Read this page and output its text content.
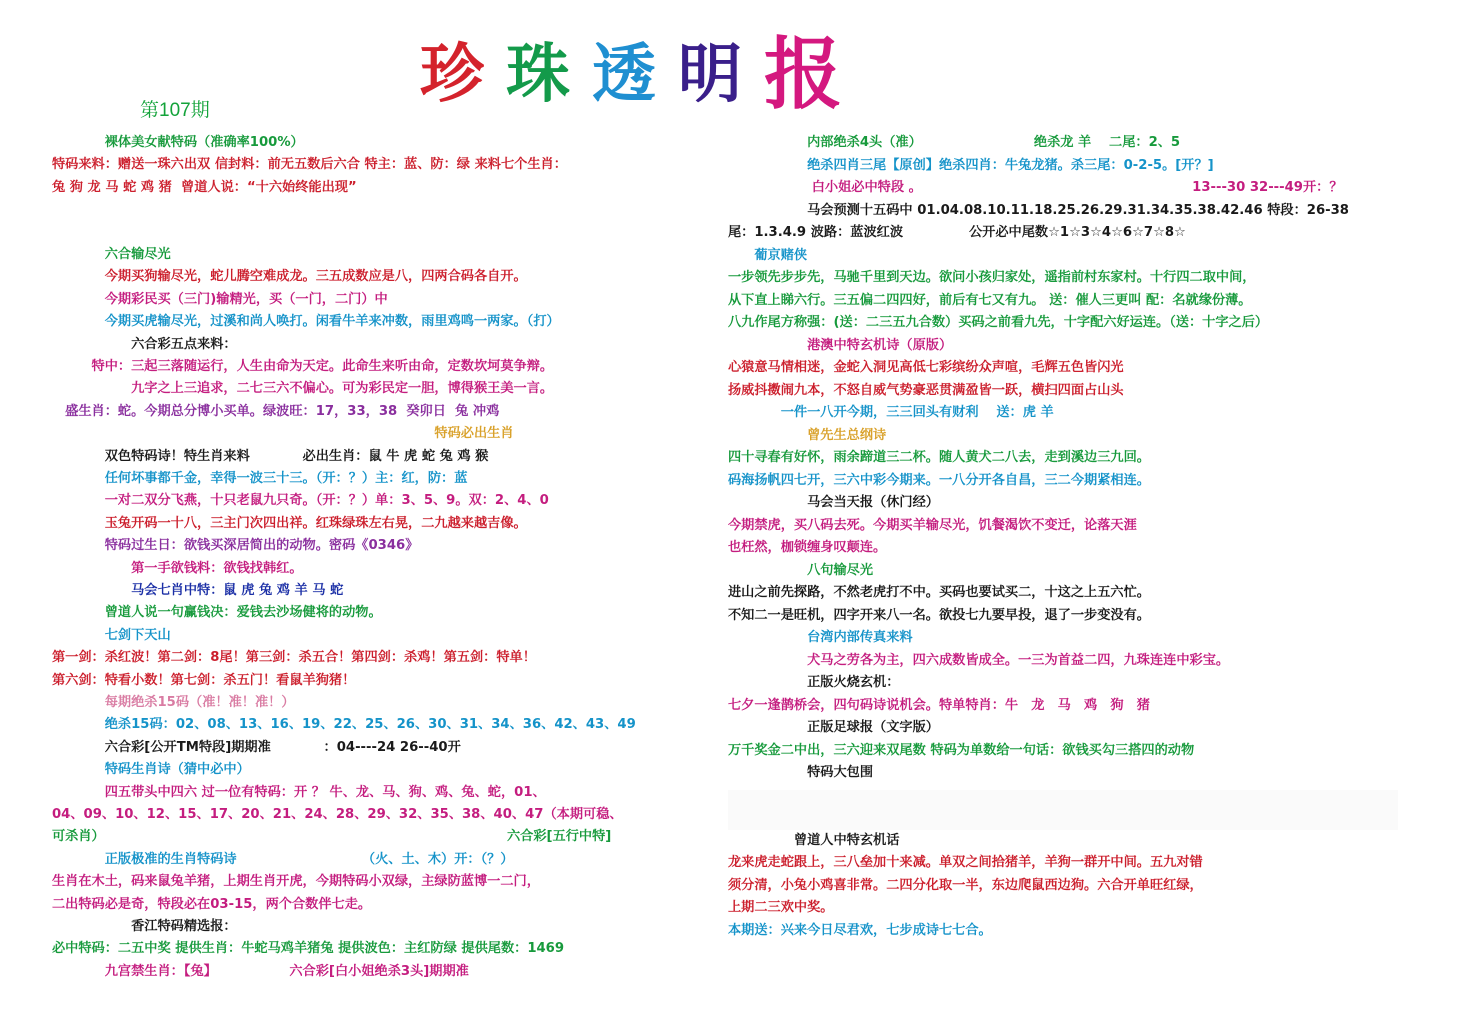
珍 珠 透 明 报
第107期
　　　　裸体美女献特码（准确率100%）
特码来料：赠送一珠六出双 信封料：前无五数后六合 特主：蓝、防：绿 来料七个生肖：
兔 狗 龙 马 蛇 鸡 猪  曾道人说：“十六始终能出现”
　　　　六合输尽光
　　　　今期买狗输尽光，蛇儿腾空难成龙。三五成数应是八，四两合码各自开。
　　　　今期彩民买（三门)输精光，买（一门，二门）中
　　　　今期买虎输尽光，过溪和尚人唤打。闲看牛羊来冲数，雨里鸡鸣一两家。（打）
　　　　　　六合彩五点来料：
　　　特中：三起三落随运行，人生由命为天定。此命生来听由命，定数坎坷莫争辩。
　　　　　　九字之上三追求，二七三六不偏心。可为彩民定一胆，博得猴王美一言。
　盛生肖：蛇。今期总分博小买单。绿波旺：17，33，38  癸卯日  兔 冲鸡
　　　　　　　　　　　　　　　　　　　　　　　　　　　　　特码必出生肖
　　　　双色特码诗！特生肖来料　　　　必出生肖：鼠 牛 虎 蛇 兔 鸡 猴
　　　　任何坏事都千金，幸得一波三十三。（开：？）主：红，防：蓝
　　　　一对二双分飞燕，十只老鼠九只奇。（开：？）单：3、5、9。双：2、4、0
　　　　玉兔开码一十八，三主门次四出祥。红珠绿珠左右晃，二九越来越吉像。
　　　　特码过生日：欲钱买深居简出的动物。密码《0346》
　　　　　　第一手欲钱料：欲钱找韩红。
　　　　　　马会七肖中特：鼠 虎 兔 鸡 羊 马 蛇
　　　　曾道人说一句赢钱决：爱钱去沙场健将的动物。
　　　　七剑下天山
第一剑：杀红波！第二剑：8尾！第三剑：杀五合！第四剑：杀鸡！第五剑：特单！
第六剑：特看小数！第七剑：杀五门！看鼠羊狗猪！
　　　　每期绝杀15码（准！准！准！）
　　　　绝杀15码：02、08、13、16、19、22、25、26、30、31、34、36、42、43、49
　　　　六合彩[公开TM特段]期期准　　　　：04----24 26--40开
　　　　特码生肖诗（猜中必中）
　　　　四五带头中四六 过一位有特码：开 ？ 牛、龙、马、狗、鸡、兔、蛇，01、
04、09、10、12、15、17、20、21、24、28、29、32、35、38、40、47（本期可稳、
可杀肖）　　　　　　　　　　　　　　　　　　　　　　　　　　　　　　　六合彩[五行中特]
　　　　正版极准的生肖特码诗　　　　　　　　　　（火、土、木）开：（？）
生肖在木土，码来鼠兔羊猪，上期生肖开虎，今期特码小双绿，主绿防蓝博一二门，
二出特码必是奇，特段必在03-15，两个合数伴七走。
　　　　　　香江特码精选报：
必中特码：二五中奖 提供生肖：牛蛇马鸡羊猪兔 提供波色：主红防绿 提供尾数：1469
　　　　九宫禁生肖：【兔】　　　　　　六合彩[白小姐绝杀3头]期期准
　　　　　　内部绝杀4头（准）　　　　　　　　　绝杀龙 羊　 二尾：2、5
　　　　　　绝杀四肖三尾【原创】绝杀四肖：牛兔龙猪。杀三尾：0-2-5。[开？]
　　　　　　 白小姐必中特段 。　　　　　　　　　　　　　　　　　　　　　13---30 32---49开：？
　　　　　　马会预测十五码中 01.04.08.10.11.18.25.26.29.31.34.35.38.42.46 特段：26-38
尾：1.3.4.9 波路：蓝波红波　　　　　公开必中尾数☆1☆3☆4☆6☆7☆8☆
　　葡京赌侠
一步领先步步先，马驰千里到天边。欲问小孩归家处，遥指前村东家村。十行四二取中间，
从下直上睇六行。三五偏二四四好，前后有七又有九。 送：催人三更叫 配：名就缘份薄。
八九作尾方称强：(送：二三五九合数）买码之前看九先，十字配六好运连。（送：十字之后）
　　　　　　港澳中特玄机诗（原版）
心猿意马情相迷，金蛇入洞见高低七彩缤纷众声喧，毛辉五色皆闪光
扬威抖擞闹九本，不怒自威气势豪恶贯满盈皆一跃，横扫四面占山头
　　　　一件一八开今期，三三回头有财利　 送：虎 羊
　　　　　　曾先生总纲诗
四十寻春有好怀，雨余蹄道三二杯。随人黄犬二八去，走到溪边三九回。
码海扬帆四七开，三六中彩今期来。一八分开各自昌，三二今期紧相连。
　　　　　　马会当天报（休门经）
今期禁虎，买八码去死。今期买羊输尽光，饥餐渴饮不变迁，论落天涯
也枉然，枷锁缠身叹颠连。
　　　　　　八句输尽光
进山之前先探路，不然老虎打不中。买码也要试买二，十这之上五六忙。
不知二一是旺机，四字开来八一名。欲投七九要早投，退了一步变没有。
　　　　　　台湾内部传真来料
　　　　　　犬马之劳各为主，四六成数皆成全。一三为首益二四，九珠连连中彩宝。
　　　　　　正版火烧玄机：
七夕一逢鹊桥会，四句码诗说机会。特单特肖：牛　龙　马　鸡　狗　猪
　　　　　　正版足球报（文字版）
万千奖金二中出，三六迎来双尾数 特码为单数给一句话：欲钱买勾三搭四的动物
　　　　　　特码大包围
　　　　　曾道人中特玄机话
龙来虎走蛇跟上，三八垒加十来减。单双之间拾猪羊，羊狗一群开中间。五九对错
须分清，小兔小鸡喜非常。二四分化取一半，东边爬鼠西边狗。六合开单旺红绿，
上期二三欢中奖。
本期送：兴来今日尽君欢，七步成诗七七合。
